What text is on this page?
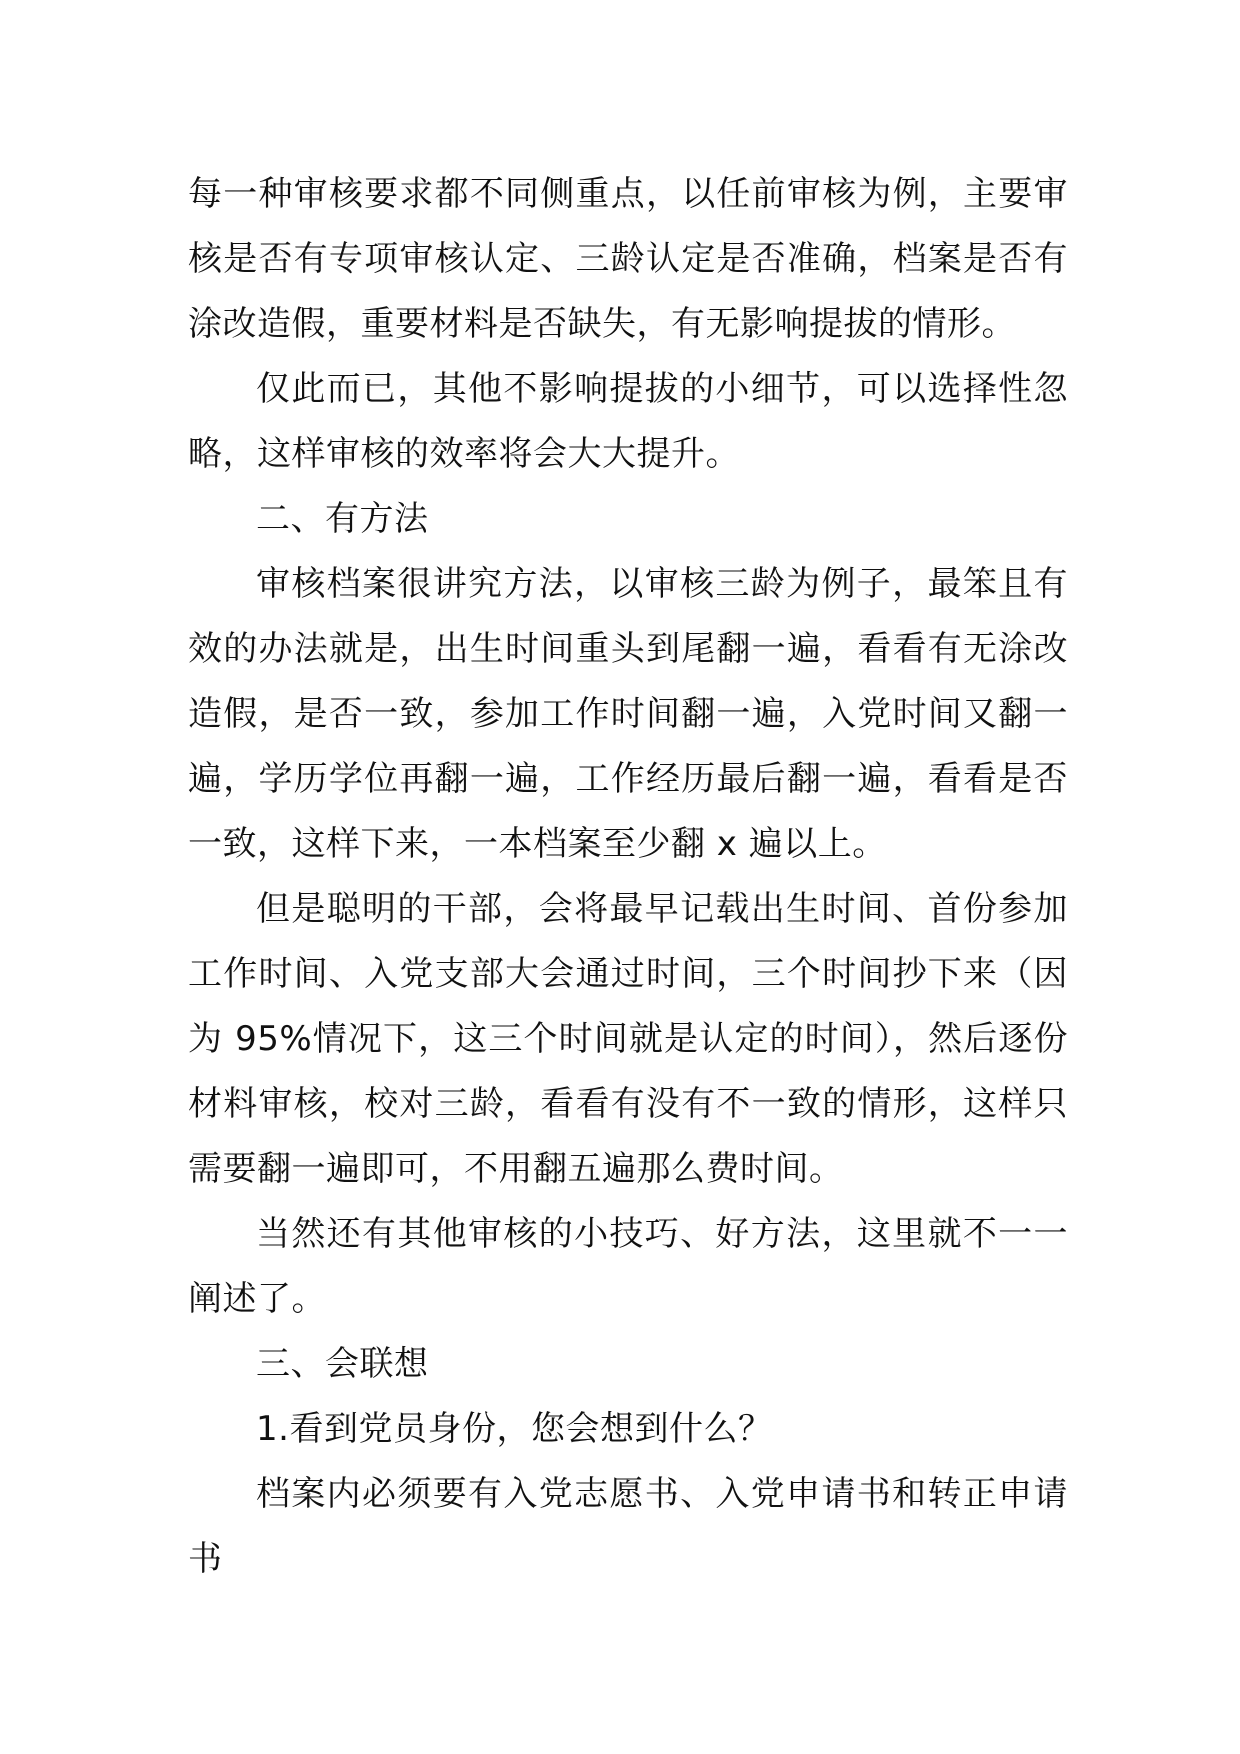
每一种审核要求都不同侧重点，以任前审核为例，主要审核是否有专项审核认定、三龄认定是否准确，档案是否有涂改造假，重要材料是否缺失，有无影响提拔的情形。

仅此而已，其他不影响提拔的小细节，可以选择性忽略，这样审核的效率将会大大提升。

二、有方法

审核档案很讲究方法，以审核三龄为例子，最笨且有效的办法就是，出生时间重头到尾翻一遍，看看有无涂改造假，是否一致，参加工作时间翻一遍，入党时间又翻一遍，学历学位再翻一遍，工作经历最后翻一遍，看看是否一致，这样下来，一本档案至少翻 x 遍以上。

但是聪明的干部，会将最早记载出生时间、首份参加工作时间、入党支部大会通过时间，三个时间抄下来（因为 95%情况下，这三个时间就是认定的时间），然后逐份材料审核，校对三龄，看看有没有不一致的情形，这样只需要翻一遍即可，不用翻五遍那么费时间。

当然还有其他审核的小技巧、好方法，这里就不一一阐述了。

三、会联想

1.看到党员身份，您会想到什么？

档案内必须要有入党志愿书、入党申请书和转正申请书
